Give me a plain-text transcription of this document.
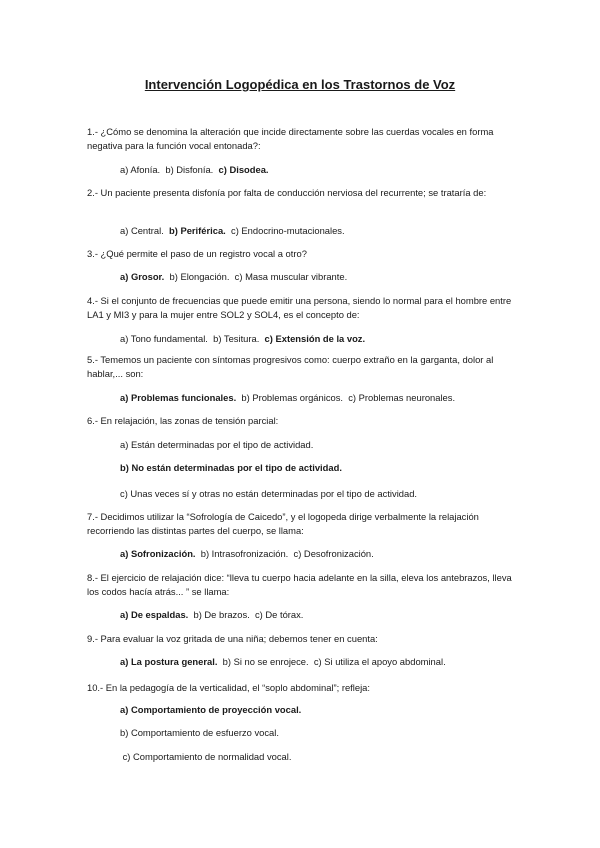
Intervención Logopédica en los Trastornos de Voz
1.- ¿Cómo se denomina la alteración que incide directamente sobre las cuerdas vocales en forma negativa para la función vocal entonada?:
a) Afonía.  b) Disfonía.  c) Disodea.
2.- Un paciente presenta disfonía por falta de conducción nerviosa del recurrente; se trataría de:
a) Central.  b) Periférica.  c) Endocrino-mutacionales.
3.- ¿Qué permite el paso de un registro vocal a otro?
a) Grosor.  b) Elongación.  c) Masa muscular vibrante.
4.- Si el conjunto de frecuencias que puede emitir una persona, siendo lo normal para el hombre entre LA1 y MI3 y para la mujer entre SOL2 y SOL4, es el concepto de:
a) Tono fundamental.  b) Tesitura.  c) Extensión de la voz.
5.- Tememos un paciente con síntomas progresivos como: cuerpo extraño en la garganta, dolor al hablar,... son:
a) Problemas funcionales.  b) Problemas orgánicos.  c) Problemas neuronales.
6.- En relajación, las zonas de tensión parcial:
a) Están determinadas por el tipo de actividad.
b) No están determinadas por el tipo de actividad.
c) Unas veces sí y otras no están determinadas por el tipo de actividad.
7.- Decidimos utilizar la “Sofrología de Caicedo”, y el logopeda dirige verbalmente la relajación recorriendo las distintas partes del cuerpo, se llama:
a) Sofronización.  b) Intrasofronización.  c) Desofronización.
8.- El ejercicio de relajación dice: “lleva tu cuerpo hacia adelante en la silla, eleva los antebrazos, lleva los codos hacía atrás... ” se llama:
a) De espaldas.  b) De brazos.  c) De tórax.
9.- Para evaluar la voz gritada de una niña; debemos tener en cuenta:
a) La postura general.  b) Si no se enrojece.  c) Si utiliza el apoyo abdominal.
10.- En la pedagogía de la verticalidad, el “soplo abdominal”; refleja:
a) Comportamiento de proyección vocal.
b) Comportamiento de esfuerzo vocal.
c) Comportamiento de normalidad vocal.
